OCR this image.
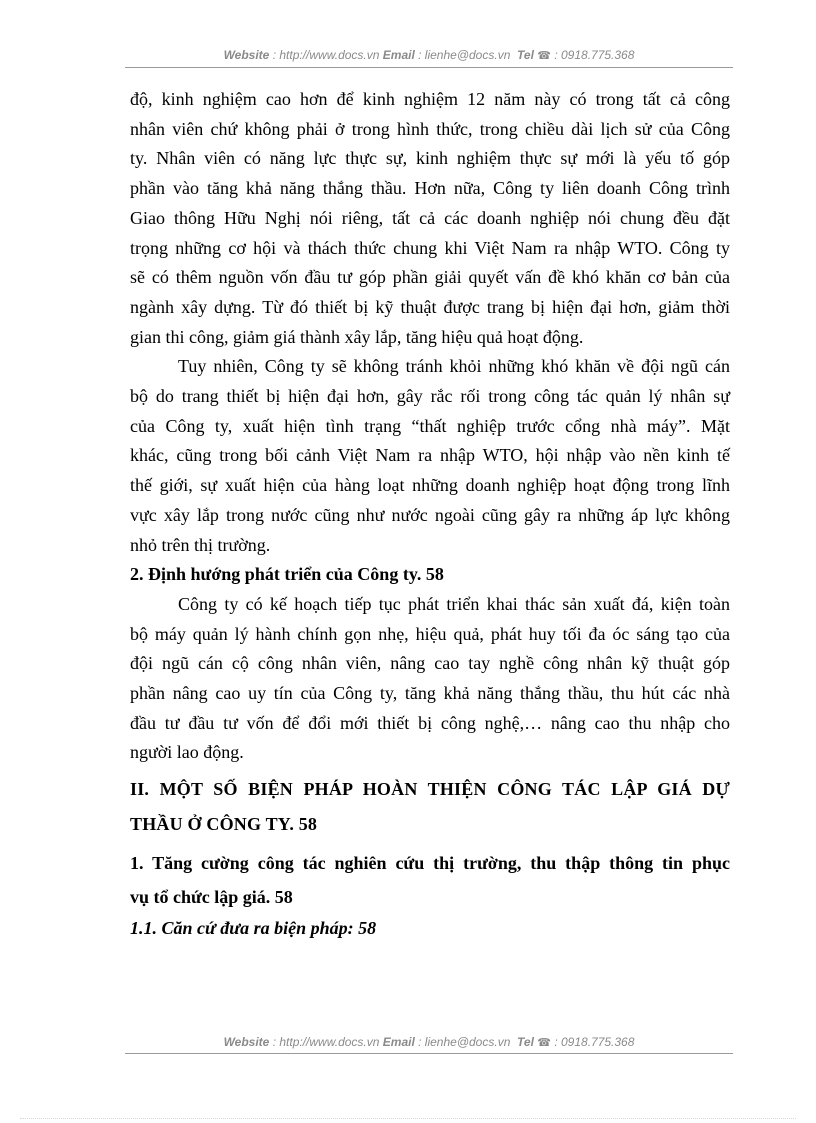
Website : http://www.docs.vn Email : lienhe@docs.vn Tel ☎ : 0918.775.368
độ, kinh nghiệm cao hơn để kinh nghiệm 12 năm này có trong tất cả công
nhân viên chứ không phải ở trong hình thức, trong chiều dài lịch sử của Công
ty. Nhân viên có năng lực thực sự, kinh nghiệm thực sự mới là yếu tố góp
phần vào tăng khả năng thắng thầu. Hơn nữa, Công ty liên doanh Công trình
Giao thông Hữu Nghị nói riêng, tất cả các doanh nghiệp nói chung đều đặt
trọng những cơ hội và thách thức chung khi Việt Nam ra nhập WTO. Công ty
sẽ có thêm nguồn vốn đầu tư góp phần giải quyết vấn đề khó khăn cơ bản của
ngành xây dựng. Từ đó thiết bị kỹ thuật được trang bị hiện đại hơn, giảm thời
gian thi công, giảm giá thành xây lắp, tăng hiệu quả hoạt động.
Tuy nhiên, Công ty sẽ không tránh khỏi những khó khăn về đội ngũ cán
bộ do trang thiết bị hiện đại hơn, gây rắc rối trong công tác quản lý nhân sự
của Công ty, xuất hiện tình trạng “thất nghiệp trước cổng nhà máy”. Mặt
khác, cũng trong bối cảnh Việt Nam ra nhập WTO, hội nhập vào nền kinh tế
thế giới, sự xuất hiện của hàng loạt những doanh nghiệp hoạt động trong lĩnh
vực xây lắp trong nước cũng như nước ngoài cũng gây ra những áp lực không
nhỏ trên thị trường.
2. Định hướng phát triển của Công ty. 58
Công ty có kế hoạch tiếp tục phát triển khai thác sản xuất đá, kiện toàn
bộ máy quản lý hành chính gọn nhẹ, hiệu quả, phát huy tối đa óc sáng tạo của
đội ngũ cán cộ công nhân viên, nâng cao tay nghề công nhân kỹ thuật góp
phần nâng cao uy tín của Công ty, tăng khả năng thắng thầu, thu hút các nhà
đầu tư đầu tư vốn để đổi mới thiết bị công nghệ,… nâng cao thu nhập cho
người lao động.
II. MỘT SỐ BIỆN PHÁP HOÀN THIỆN CÔNG TÁC LẬP GIÁ DỰ
THẦU Ở CÔNG TY. 58
1. Tăng cường công tác nghiên cứu thị trường, thu thập thông tin phục
vụ tổ chức lập giá. 58
1.1. Căn cứ đưa ra biện pháp: 58
Website : http://www.docs.vn Email : lienhe@docs.vn Tel ☎ : 0918.775.368
